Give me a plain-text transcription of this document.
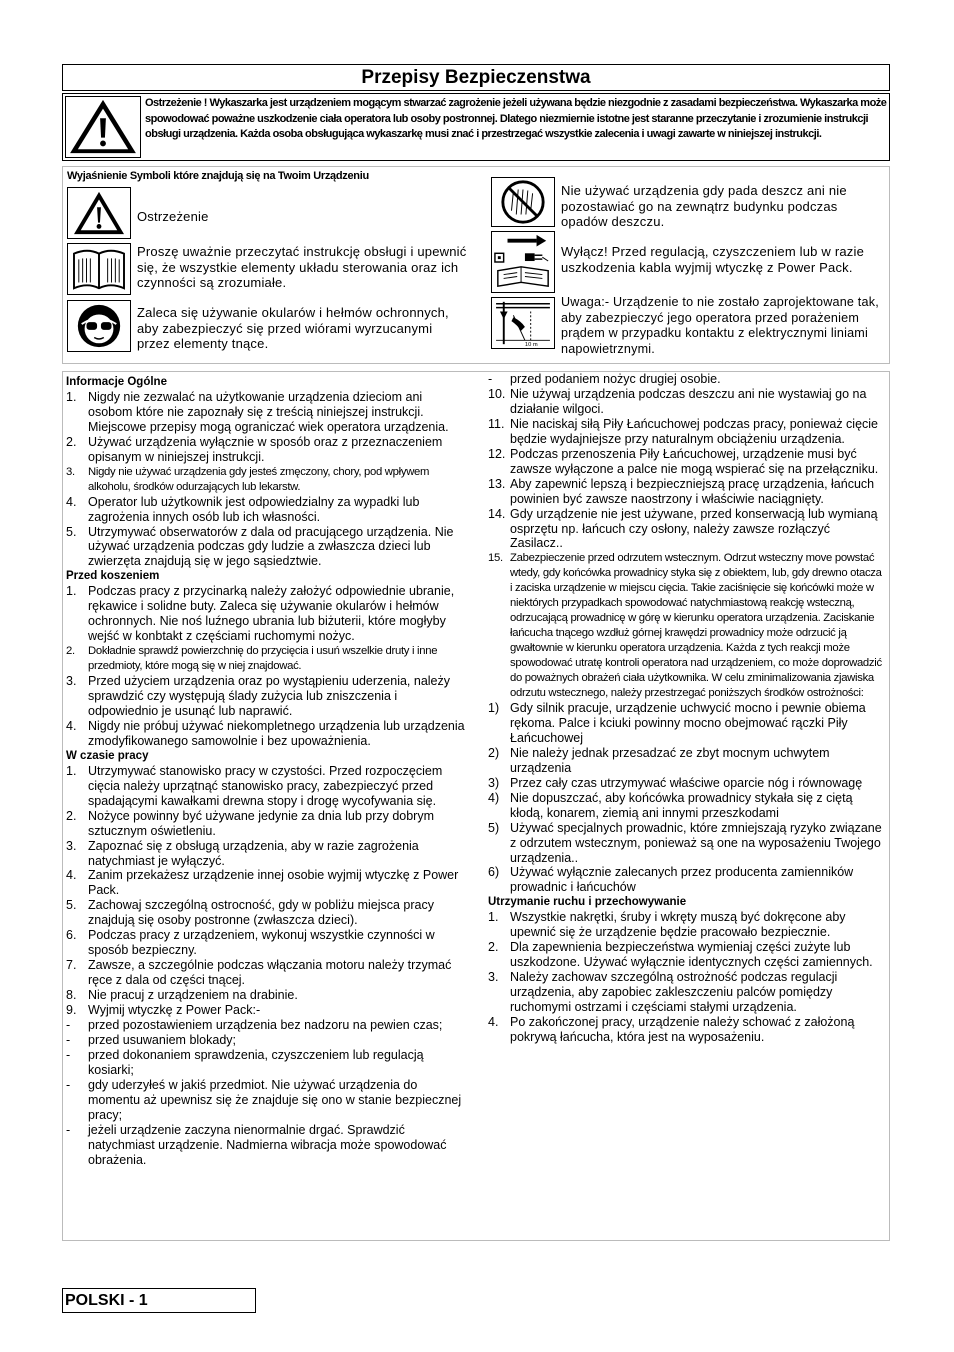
Przepisy Bezpieczenstwa
Ostrzeżenie ! Wykaszarka jest urządzeniem mogącym stwarzać zagrożenie jeżeli używana będzie niezgodnie z zasadami bezpieczeństwa. Wykaszarka może spowodować poważne uszkodzenie ciała operatora lub osoby postronnej. Dlatego niezmiernie istotne jest staranne przeczytanie i zrozumienie instrukcji obsługi urządzenia. Każda osoba obsługująca wykaszarkę musi znać i przestrzegać wszystkie zalecenia i uwagi zawarte w niniejszej instrukcji.
Wyjaśnienie Symboli które znajdują się na Twoim Urządzeniu
Ostrzeżenie
Proszę uważnie przeczytać instrukcję obsługi i upewnić się, że wszystkie elementy układu sterowania oraz ich czynności są zrozumiałe.
Zaleca się używanie okularów i hełmów ochronnych, aby zabezpieczyć się przed wiórami wyrzucanymi przez elementy tnące.
Nie używać urządzenia gdy pada deszcz ani nie pozostawiać go na zewnątrz budynku podczas opadów deszczu.
Wyłącz! Przed regulacją, czyszczeniem lub w razie uszkodzenia kabla wyjmij wtyczkę z Power Pack.
10 m
Uwaga:- Urządzenie to nie zostało zaprojektowane tak, aby zabezpieczyć jego operatora przed porażeniem prądem w przypadku kontaktu z elektrycznymi liniami napowietrznymi.

Informacje Ogólne

1. Nigdy nie zezwalać na użytkowanie urządzenia dzieciom ani osobom które nie zapoznały się z treścią niniejszej instrukcji. Miejscowe przepisy mogą ograniczać wiek operatora urządzenia.
2. Używać urządzenia wyłącznie w sposób oraz z przeznaczeniem opisanym w niniejszej instrukcji.
3.	Nigdy nie używać urządzenia gdy jesteś zmęczony, chory, pod wpływem alkoholu, środków odurzających lub lekarstw.
4. Operator lub użytkownik jest odpowiedzialny za wypadki lub zagrożenia innych osób lub ich własności.
5. Utrzymywać obserwatorów z dala od pracującego urządzenia. Nie używać urządzenia podczas gdy ludzie a zwłaszcza dzieci lub zwierzęta znajdują się w jego sąsiedztwie.

Przed koszeniem

1. Podczas pracy z przycinarką należy założyć odpowiednie ubranie, rękawice i solidne buty. Zaleca się używanie okularów i hełmów ochronnych. Nie noś luźnego ubrania lub biżuterii, które mogłyby wejść w konbtakt z częściami ruchomymi nożyc.
2.	Dokładnie sprawdź powierzchnię do przycięcia i usuń wszelkie druty i inne przedmioty, które mogą się w niej znajdować.
3. Przed użyciem urządzenia oraz po wystąpieniu uderzenia, należy sprawdzić czy występują ślady zużycia lub zniszczenia i odpowiednio je usunąć lub naprawić.
4. Nigdy nie próbuj używać niekompletnego urządzenia lub urządzenia zmodyfikowanego samowolnie i bez upoważnienia.

W czasie pracy

1. Utrzymywać stanowisko pracy w czystości. Przed rozpoczęciem cięcia należy uprzątnąć stanowisko pracy, zabezpieczyć przed spadającymi kawałkami drewna stopy i drogę wycofywania się.
2. Nożyce powinny być używane jedynie za dnia lub przy dobrym sztucznym oświetleniu.
3. Zapoznać się z obsługą urządzenia, aby w razie zagrożenia natychmiast je wyłączyć.
4. Zanim przekażesz urządzenie innej osobie wyjmij wtyczkę z Power Pack.
5. Zachowaj szczególną ostrocność, gdy w pobliżu miejsca pracy znajdują się osoby postronne (zwłaszcza dzieci).
6. Podczas pracy z urządzeniem, wykonuj wszystkie czynności w sposób bezpieczny.
7. Zawsze, a szczególnie podczas włączania motoru należy trzymać ręce z dala od części tnącej.
8. Nie pracuj z urządzeniem na drabinie.
9. Wyjmij wtyczkę z Power Pack:-
-	przed pozostawieniem urządzenia bez nadzoru na pewien czas;
-	przed usuwaniem blokady;
-	przed dokonaniem sprawdzenia, czyszczeniem lub regulacją kosiarki;
-	gdy uderzyłeś w jakiś przedmiot. Nie używać urządzenia do momentu aż upewnisz się że znajduje się ono w stanie bezpiecznej pracy;
-	jeżeli urządzenie zaczyna nienormalnie drgać. Sprawdzić natychmiast urządzenie. Nadmierna wibracja może spowodować obrażenia.
-	przed podaniem nożyc drugiej osobie.
10. Nie używaj urządzenia podczas deszczu ani nie wystawiaj go na działanie wilgoci.
11. Nie naciskaj siłą Piły Łańcuchowej podczas pracy, ponieważ cięcie będzie wydajniejsze przy naturalnym obciążeniu urządzenia.
12. Podczas przenoszenia Piły Łańcuchowej, urządzenie musi być zawsze wyłączone a palce nie mogą wspierać się na przełączniku.
13. Aby zapewnić lepszą i bezpieczniejszą pracę urządzenia, łańcuch powinien być zawsze naostrzony i właściwie naciągnięty.
14. Gdy urządzenie nie jest używane, przed konserwacją lub wymianą osprzętu np. łańcuch czy osłony, należy zawsze rozłączyć Zasilacz..
15. Zabezpieczenie przed odrzutem wstecznym. Odrzut wsteczny move powstać wtedy, gdy końcówka prowadnicy styka się z obiektem, lub, gdy drewno otacza i zaciska urządzenie w miejscu cięcia. Takie zaciśnięcie się końcówki może w niektórych przypadkach spowodować natychmiastową reakcję wsteczną, odrzucającą prowadnicę w górę w kierunku operatora urządzenia. Zaciskanie łańcucha tnącego wzdłuż górnej krawędzi prowadnicy może odrzucić ją gwałtownie w kierunku operatora urządzenia. Każda z tych reakcji może spowodować utratę kontroli operatora nad urządzeniem, co może doprowadzić do poważnych obrażeń ciała użytkownika. W celu zminimalizowania zjawiska odrzutu wstecznego, należy przestrzegać poniższych środków ostrożności:
1) Gdy silnik pracuje, urządzenie uchwycić mocno i pewnie obiema rękoma. Palce i kciuki powinny mocno obejmować rączki Piły Łańcuchowej
2) Nie należy jednak przesadzać ze zbyt mocnym uchwytem urządzenia
3) Przez cały czas utrzymywać właściwe oparcie nóg i równowagę
4) Nie dopuszczać, aby końcówka prowadnicy stykała się z ciętą kłodą, konarem, ziemią ani innymi przeszkodami
5) Używać specjalnych prowadnic, które zmniejszają ryzyko związane z odrzutem wstecznym, ponieważ są one na wyposażeniu Twojego urządzenia..
6) Używać wyłącznie zalecanych przez producenta zamienników prowadnic i łańcuchów

Utrzymanie ruchu i przechowywanie

1. Wszystkie nakrętki, śruby i wkręty muszą być dokręcone aby upewnić się że urządzenie będzie pracowało bezpiecznie.
2. Dla zapewnienia bezpieczeństwa wymieniaj części zużyte lub uszkodzone. Używać wyłącznie identycznych części zamiennych.
3. Należy zachowav szczególną ostrożność podczas regulacji urządzenia, aby zapobiec zakleszczeniu palców pomiędzy ruchomymi ostrzami i częściami stałymi urządzenia.
4. Po zakończonej pracy, urządzenie należy schować z założoną pokrywą łańcucha, która jest na wyposażeniu.
POLSKI - 1
